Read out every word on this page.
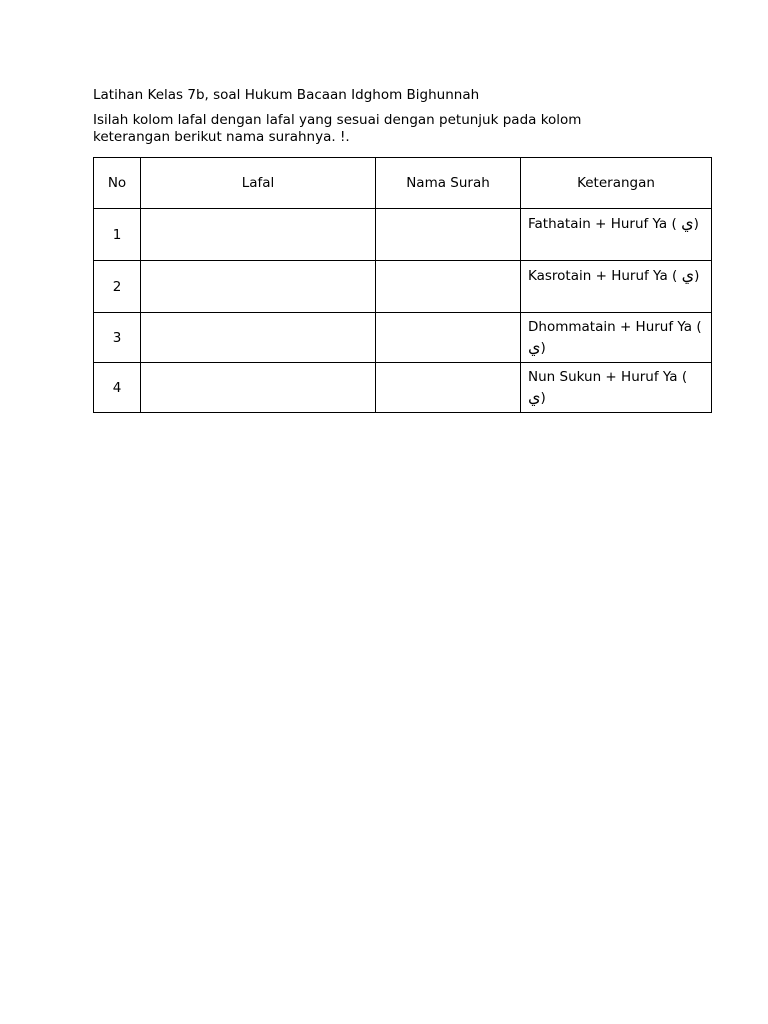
Latihan Kelas 7b, soal Hukum Bacaan Idghom Bighunnah
Isilah kolom lafal dengan lafal yang sesuai dengan petunjuk pada kolom keterangan berikut nama surahnya. !.
No	Lafal	Nama Surah	Keterangan
1			Fathatain + Huruf Ya ( ي)
2			Kasrotain + Huruf Ya ( ي)
3			Dhommatain + Huruf Ya ( ي)
4			Nun Sukun + Huruf Ya ( ي)
